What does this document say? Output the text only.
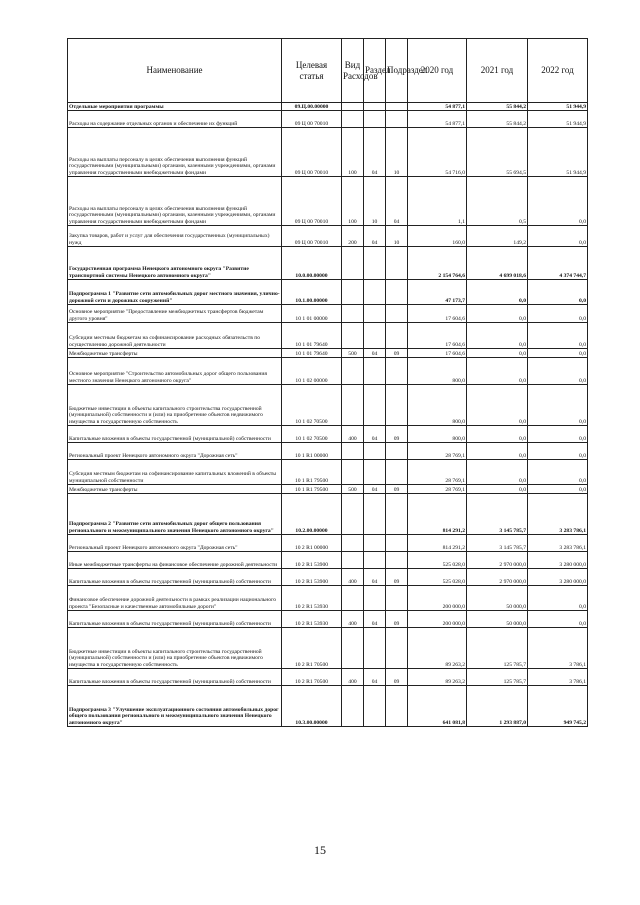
Наименование	Целевая статья	Вид Расходов	Раздел	Подраздел	2020 год	2021 год	2022 год
Отдельные мероприятия программы	09.Ц.00.00000				54 877,1	55 844,2	51 944,9
Расходы на содержание отдельных органов и обеспечение их функций	09 Ц 00 70010				54 877,1	55 844,2	51 944,9
Расходы на выплаты персоналу в целях обеспечения выполнения функций государственными (муниципальными) органами, казенными учреждениями, органами управления государственными внебюджетными фондами	09 Ц 00 70010	100	04	10	54 716,0	55 694,5	51 944,9
Расходы на выплаты персоналу в целях обеспечения выполнения функций государственными (муниципальными) органами, казенными учреждениями, органами управления государственными внебюджетными фондами	09 Ц 00 70010	100	10	04	1,1	0,5	0,0
Закупка товаров, работ и услуг для обеспечения государственных (муниципальных) нужд	09 Ц 00 70010	200	04	10	160,0	149,2	0,0
Государственная программа Ненецкого автономного округа "Развитие транспортной системы Ненецкого автономного округа"	10.0.00.00000				2 154 764,6	4 699 018,6	4 374 744,7
Подпрограмма 1 "Развитие сети автомобильных дорог местного значения, улично-дорожной сети и дорожных сооружений"	10.1.00.00000				47 173,7	0,0	0,0
Основное мероприятие "Предоставление межбюджетных трансфертов бюджетам другого уровня"	10 1 01 00000				17 604,6	0,0	0,0
Субсидии местным бюджетам на софинансирование расходных обязательств по осуществлению дорожной деятельности	10 1 01 79640				17 604,6	0,0	0,0
Межбюджетные трансферты	10 1 01 79640	500	04	09	17 604,6	0,0	0,0
Основное мероприятие "Строительство автомобильных дорог общего пользования местного значения Ненецкого автономного округа"	10 1 02 00000				800,0	0,0	0,0
Бюджетные инвестиции в объекты капитального строительства государственной (муниципальной) собственности и (или) на приобретение объектов недвижимого имущества в государственную собственность	10 1 02 70500				800,0	0,0	0,0
Капитальные вложения в объекты государственной (муниципальной) собственности	10 1 02 70500	400	04	09	800,0	0,0	0,0
Региональный проект Ненецкого автономного округа "Дорожная сеть"	10 1 R1 00000				28 769,1	0,0	0,0
Субсидия местным бюджетам на софинансирование капитальных вложений в объекты муниципальной собственности	10 1 R1 79500				28 769,1	0,0	0,0
Межбюджетные трансферты	10 1 R1 79500	500	04	09	28 769,1	0,0	0,0
Подпрограмма 2 "Развитие сети автомобильных дорог общего пользования регионального и межмуниципального значения Ненецкого автономного округа"	10.2.00.00000				814 291,2	3 145 785,7	3 283 786,1
Региональный проект Ненецкого автономного округа "Дорожная сеть"	10 2 R1 00000				814 291,2	3 145 785,7	3 283 786,1
Иные межбюджетные трансферты на финансовое обеспечение дорожной деятельности	10 2 R1 53900				525 028,0	2 970 000,0	3 280 000,0
Капитальные вложения в объекты государственной (муниципальной) собственности	10 2 R1 53900	400	04	09	525 028,0	2 970 000,0	3 280 000,0
Финансовое обеспечение дорожной деятельности в рамках реализации национального проекта "Безопасные и качественные автомобильные дороги"	10 2 R1 53930				200 000,0	50 000,0	0,0
Капитальные вложения в объекты государственной (муниципальной) собственности	10 2 R1 53930	400	04	09	200 000,0	50 000,0	0,0
Бюджетные инвестиции в объекты капитального строительства государственной (муниципальной) собственности и (или) на приобретение объектов недвижимого имущества в государственную собственность	10 2 R1 70500				89 263,2	125 785,7	3 786,1
Капитальные вложения в объекты государственной (муниципальной) собственности	10 2 R1 70500	400	04	09	89 263,2	125 785,7	3 786,1
Подпрограмма 3 "Улучшение эксплуатационного состояния автомобильных дорог общего пользования регионального и межмуниципального значения Ненецкого автономного округа"	10.3.00.00000				641 081,8	1 293 887,0	949 745,2
15
